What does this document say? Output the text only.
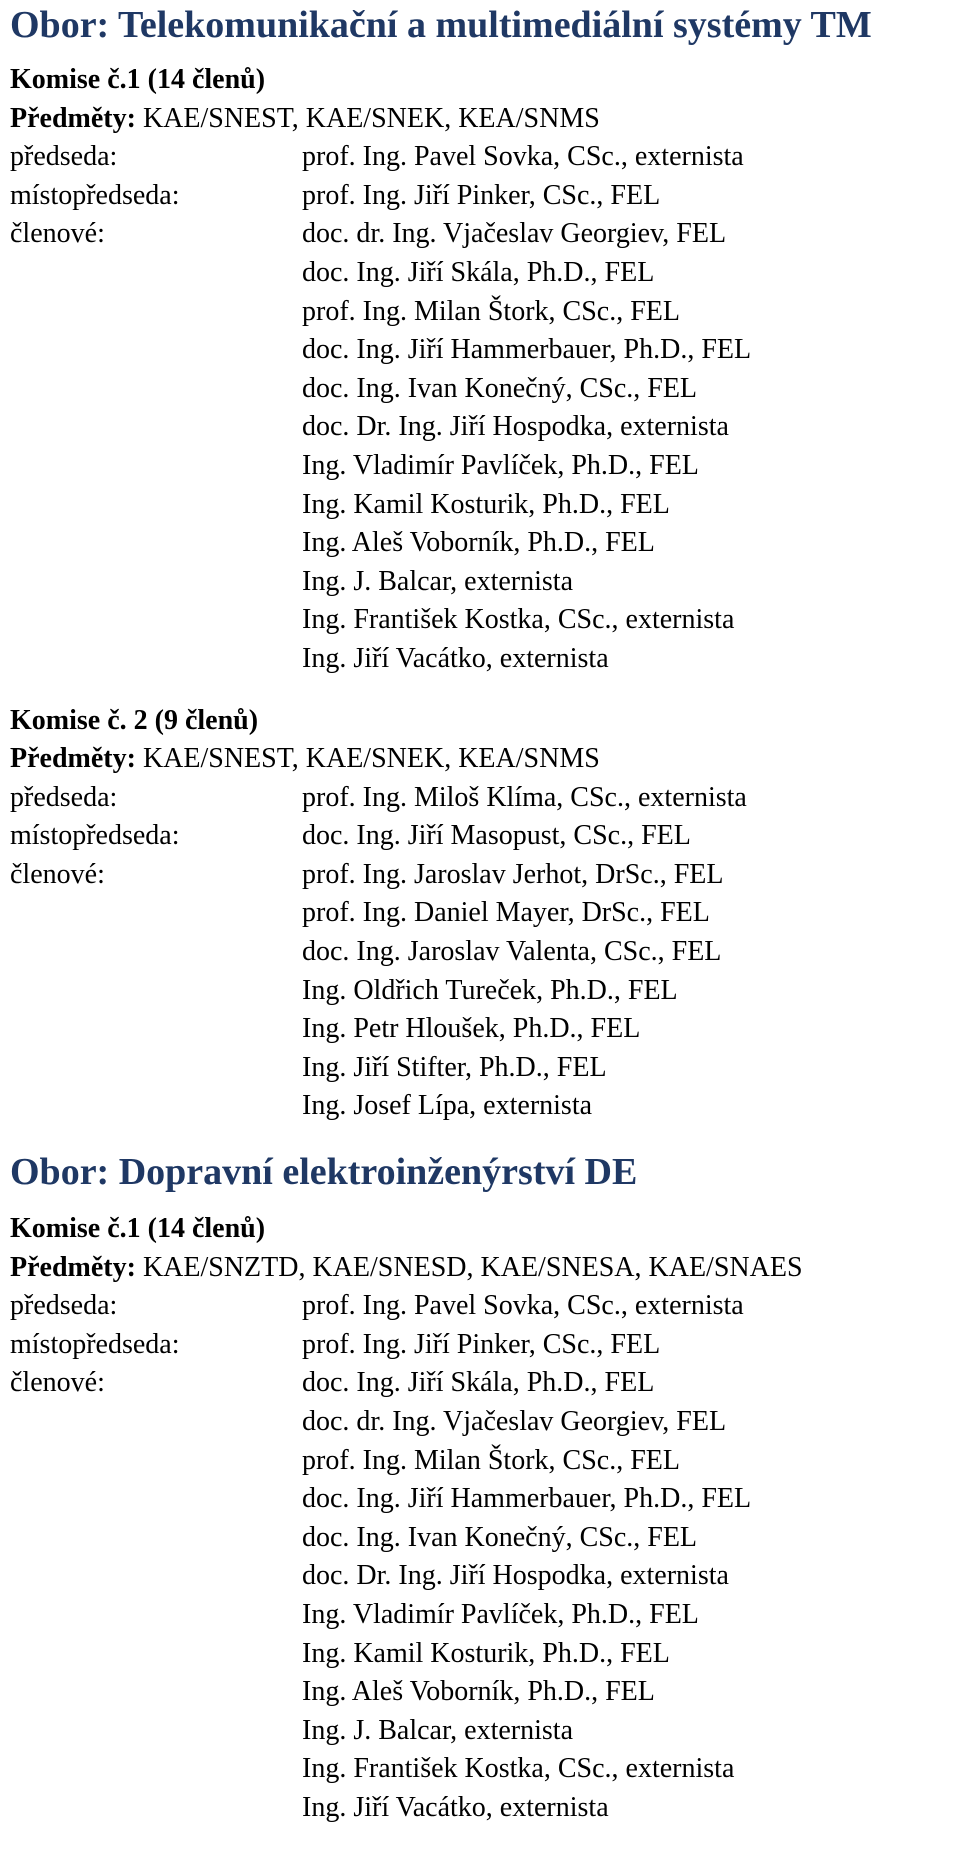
Obor: Telekomunikační a multimediální systémy TM
Komise č.1 (14 členů)
Předměty: KAE/SNEST, KAE/SNEK, KEA/SNMS
předseda:	prof. Ing. Pavel Sovka, CSc., externista
místopředseda:	prof. Ing. Jiří Pinker, CSc., FEL
členové:	doc. dr. Ing. Vjačeslav Georgiev, FEL
doc. Ing. Jiří Skála, Ph.D., FEL
prof. Ing. Milan Štork, CSc., FEL
doc. Ing. Jiří Hammerbauer, Ph.D., FEL
doc. Ing. Ivan Konečný, CSc., FEL
doc. Dr. Ing. Jiří Hospodka, externista
Ing. Vladimír Pavlíček, Ph.D., FEL
Ing. Kamil Kosturik, Ph.D., FEL
Ing. Aleš Voborník, Ph.D., FEL
Ing. J. Balcar, externista
Ing. František Kostka, CSc., externista
Ing. Jiří Vacátko, externista
Komise č. 2 (9 členů)
Předměty: KAE/SNEST, KAE/SNEK, KEA/SNMS
předseda:	prof. Ing. Miloš Klíma, CSc., externista
místopředseda:	doc. Ing. Jiří Masopust, CSc., FEL
členové:	prof. Ing. Jaroslav Jerhot, DrSc., FEL
prof. Ing. Daniel Mayer, DrSc., FEL
doc. Ing. Jaroslav Valenta, CSc., FEL
Ing. Oldřich Tureček, Ph.D., FEL
Ing. Petr Hloušek, Ph.D., FEL
Ing. Jiří Stifter, Ph.D., FEL
Ing. Josef Lípa, externista
Obor: Dopravní elektroinženýrství DE
Komise č.1 (14 členů)
Předměty: KAE/SNZTD, KAE/SNESD, KAE/SNESA, KAE/SNAES
předseda:	prof. Ing. Pavel Sovka, CSc., externista
místopředseda:	prof. Ing. Jiří Pinker, CSc., FEL
členové:	doc. Ing. Jiří Skála, Ph.D., FEL
doc. dr. Ing. Vjačeslav Georgiev, FEL
prof. Ing. Milan Štork, CSc., FEL
doc. Ing. Jiří Hammerbauer, Ph.D., FEL
doc. Ing. Ivan Konečný, CSc., FEL
doc. Dr. Ing. Jiří Hospodka, externista
Ing. Vladimír Pavlíček, Ph.D., FEL
Ing. Kamil Kosturik, Ph.D., FEL
Ing. Aleš Voborník, Ph.D., FEL
Ing. J. Balcar, externista
Ing. František Kostka, CSc., externista
Ing. Jiří Vacátko, externista
